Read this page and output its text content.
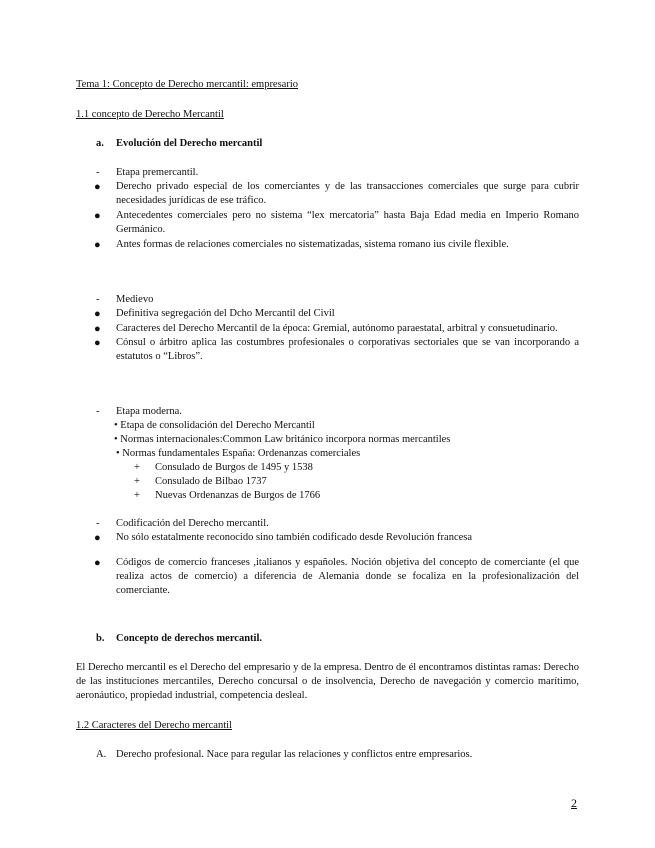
Tema 1: Concepto de Derecho mercantil: empresario
1.1 concepto de Derecho Mercantil
a. Evolución del Derecho mercantil
- Etapa premercantil.
● Derecho privado especial de los comerciantes y de las transacciones comerciales que surge para cubrir necesidades jurídicas de ese tráfico.
● Antecedentes comerciales pero no sistema “lex mercatoria” hasta Baja Edad media en Imperio Romano Germánico.
● Antes formas de relaciones comerciales no sistematizadas, sistema romano ius civile flexible.
- Medievo
● Definitiva segregación del Dcho Mercantil del Civil
● Caracteres del Derecho Mercantil de la época: Gremial, autónomo paraestatal, arbitral y consuetudinario.
● Cónsul o árbitro aplica las costumbres profesionales o corporativas sectoriales que se van incorporando a estatutos o “Libros”.
- Etapa moderna.
• Etapa de consolidación del Derecho Mercantil
• Normas internacionales:Common Law británico incorpora normas mercantiles
• Normas fundamentales España: Ordenanzas comerciales
+ Consulado de Burgos de 1495 y 1538
+ Consulado de Bilbao 1737
+ Nuevas Ordenanzas de Burgos de 1766
- Codificación del Derecho mercantil.
● No sólo estatalmente reconocido sino también codificado desde Revolución francesa
● Códigos de comercio franceses ,italianos y españoles. Noción objetiva del concepto de comerciante (el que realiza actos de comercio) a diferencia de Alemania donde se focaliza en la profesionalización del comerciante.
b. Concepto de derechos mercantil.
El Derecho mercantil es el Derecho del empresario y de la empresa. Dentro de él encontramos distintas ramas: Derecho de las instituciones mercantiles, Derecho concursal o de insolvencia, Derecho de navegación y comercio marítimo, aeronáutico, propiedad industrial, competencia desleal.
1.2 Caracteres del Derecho mercantil
A. Derecho profesional. Nace para regular las relaciones y conflictos entre empresarios.
2
